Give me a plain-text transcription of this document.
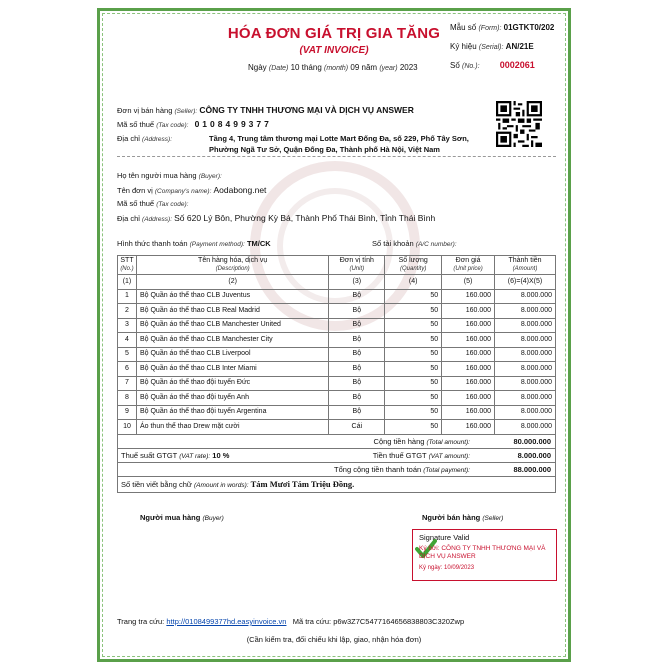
HÓA ĐƠN GIÁ TRỊ GIA TĂNG
(VAT INVOICE)
Ngày (Date) 10 tháng (month) 09 năm (year) 2023
Mẫu số (Form): 01GTKT0/202
Ký hiệu (Serial): AN/21E
Số (No.): 0002061
Đơn vị bán hàng (Seller): CÔNG TY TNHH THƯƠNG MẠI VÀ DỊCH VỤ ANSWER
Mã số thuế (Tax code): 0108499377
Địa chỉ (Address):	Tầng 4, Trung tâm thương mại Lotte Mart Đống Đa, số 229, Phố Tây Sơn,
Phường Ngã Tư Sở, Quận Đống Đa, Thành phố Hà Nội, Việt Nam
Họ tên người mua hàng (Buyer):
Tên đơn vị (Company's name): Aodabong.net
Mã số thuế (Tax code):
Địa chỉ (Address): Số 620 Lý Bôn, Phường Kỳ Bá, Thành Phố Thái Bình, Tỉnh Thái Bình
Hình thức thanh toán (Payment method): TM/CK	Số tài khoản (A/C number):
STT
(No.)	Tên hàng hóa, dịch vụ
(Description)	Đơn vị tính
(Unit)	Số lượng
(Quantity)	Đơn giá
(Unit price)	Thành tiền
(Amount)
(1)	(2)	(3)	(4)	(5)	(6)=(4)X(5)
1	Bộ Quần áo thể thao CLB Juventus	Bộ	50	160.000	8.000.000
2	Bộ Quần áo thể thao CLB Real Madrid	Bộ	50	160.000	8.000.000
3	Bộ Quần áo thể thao CLB Manchester United	Bộ	50	160.000	8.000.000
4	Bộ Quần áo thể thao CLB Manchester City	Bộ	50	160.000	8.000.000
5	Bộ Quần áo thể thao CLB Liverpool	Bộ	50	160.000	8.000.000
6	Bộ Quần áo thể thao CLB Inter Miami	Bộ	50	160.000	8.000.000
7	Bộ Quần áo thể thao đội tuyển Đức	Bộ	50	160.000	8.000.000
8	Bộ Quần áo thể thao đội tuyển Anh	Bộ	50	160.000	8.000.000
9	Bộ Quần áo thể thao đội tuyển Argentina	Bộ	50	160.000	8.000.000
10	Áo thun thể thao Drew mặt cười	Cái	50	160.000	8.000.000
Cộng tiền hàng (Total amount):	80.000.000
Thuế suất GTGT (VAT rate): 10 %	Tiền thuế GTGT (VAT amount):	8.000.000
Tổng cộng tiền thanh toán (Total payment):	88.000.000
Số tiền viết bằng chữ (Amount in words): Tám Mươi Tám Triệu Đồng.
Người mua hàng (Buyer)	Người bán hàng (Seller)
Signature Valid
Ký bởi: CÔNG TY TNHH THƯƠNG MẠI VÀ DỊCH VỤ ANSWER
Ký ngày: 10/09/2023
Trang tra cứu: http://0108499377hd.easyinvoice.vn Mã tra cứu: p6w3Z7C5477164656838803C320Zwp
(Cần kiểm tra, đối chiếu khi lập, giao, nhận hóa đơn)
